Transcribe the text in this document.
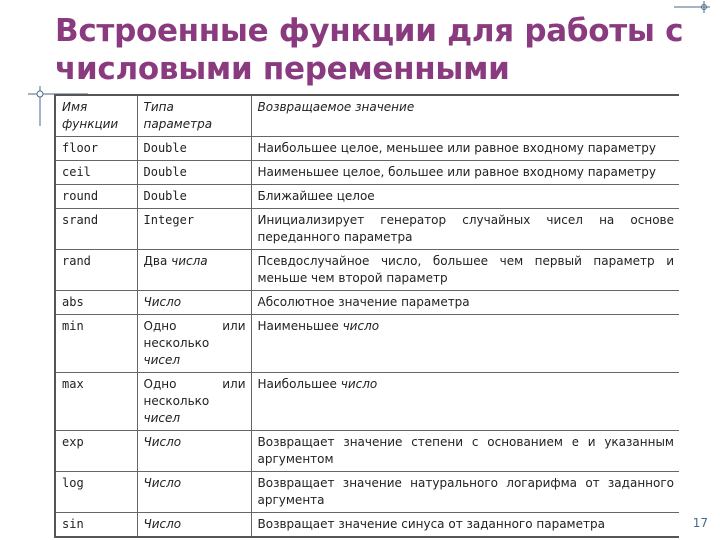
Встроенные функции для работы с числовыми переменными
Имя функции	Типа параметра	Возвращаемое значение
floor	Double	Наибольшее целое, меньшее или равное входному параметру
ceil	Double	Наименьшее целое, большее или равное входному параметру
round	Double	Ближайшее целое
srand	Integer	Инициализирует генератор случайных чисел на основе переданного параметра
rand	Два числа	Псевдослучайное число, большее чем первый параметр и меньше чем второй параметр
abs	Число	Абсолютное значение параметра
min	Одно или
несколько
чисел	Наименьшее число
max	Одно или
несколько
чисел	Наибольшее число
exp	Число	Возвращает значение степени с основанием e и указанным аргументом
log	Число	Возвращает значение натурального логарифма от заданного аргумента
sin	Число	Возвращает значение синуса от заданного параметра	17
